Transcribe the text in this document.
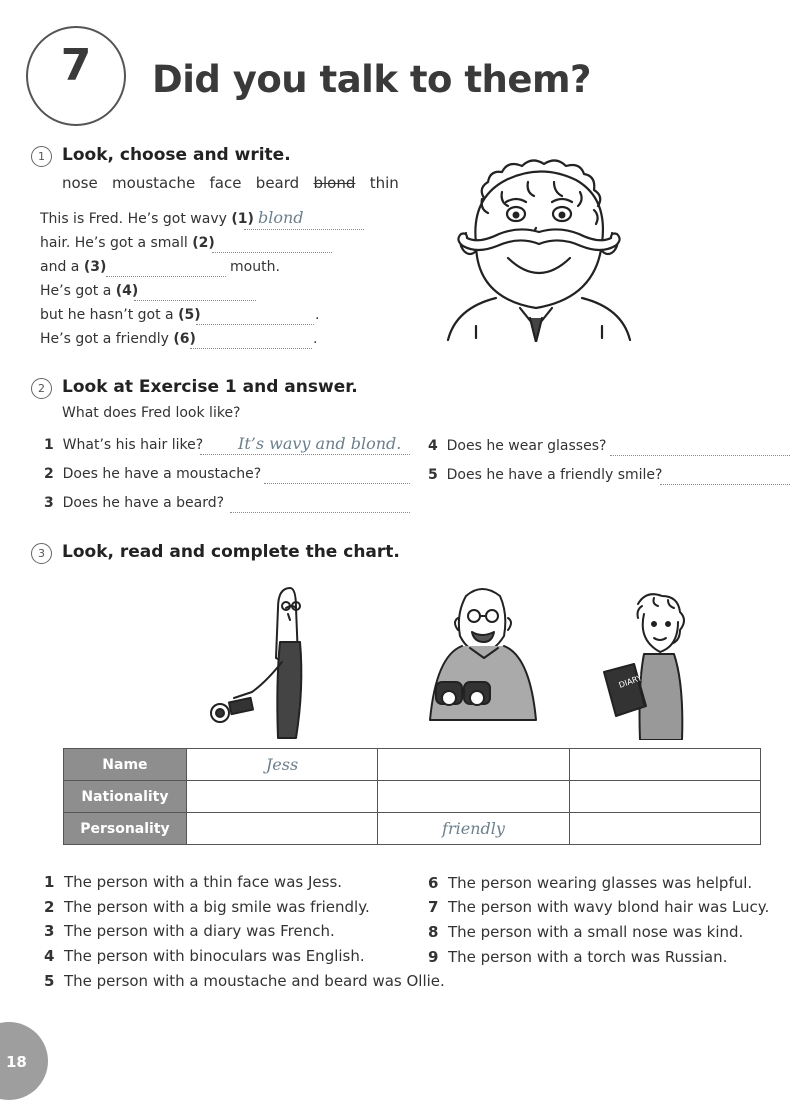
7	Did you talk to them?
1	Look, choose and write.
nose moustache face beard blond thin
This is Fred. He’s got wavy (1) blond
hair. He’s got a small (2)
and a (3)	mouth.
He’s got a (4)
but he hasn’t got a (5)	.
He’s got a friendly (6)	.
2	Look at Exercise 1 and answer.
What does Fred look like?
1 What’s his hair like? It’s wavy and blond.
2 Does he have a moustache?
3 Does he have a beard?
4 Does he wear glasses?
5 Does he have a friendly smile?
3	Look, read and complete the chart.
DIARY
Name	Jess		
Nationality			
Personality		friendly	
1 The person with a thin face was Jess.
2 The person with a big smile was friendly.
3 The person with a diary was French.
4 The person with binoculars was English.
5 The person with a moustache and beard was Ollie.
6 The person wearing glasses was helpful.
7 The person with wavy blond hair was Lucy.
8 The person with a small nose was kind.
9 The person with a torch was Russian.
18
